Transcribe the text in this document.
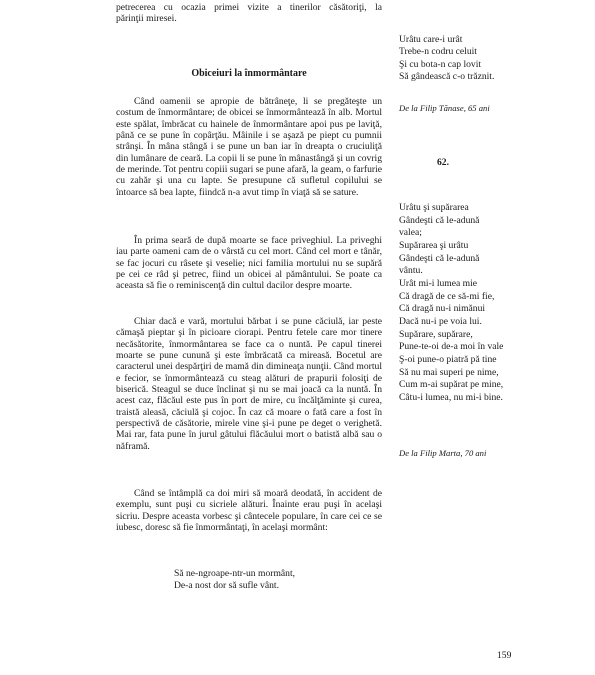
petrecerea cu ocazia primei vizite a tinerilor căsătoriţi, la

părinţii miresei.

Obiceiuri la înmormântare

Când oamenii se apropie de bătrâneţe, li se pregăteşte un costum de înmormântare; de obicei se înmormântează în alb. Mortul este spălat, îmbrăcat cu hainele de înmormântare apoi pus pe laviţă, până ce se pune în copârţău. Mâinile i se aşază pe piept cu pumnii strânşi. În mâna stângă i se pune un ban iar în dreapta o cruciuliţă din lumânare de ceară. La copii li se pune în mânastângă şi un covrig de merinde. Tot pentru copiii sugari se pune afară, la geam, o farfurie cu zahăr şi una cu lapte. Se presupune că sufletul copilului se întoarce să bea lapte, fiindcă n-a avut timp în viaţă să se sature.

În prima seară de după moarte se face priveghiul. La priveghi iau parte oameni cam de o vârstă cu cel mort. Când cel mort e tânăr, se fac jocuri cu râsete şi veselie; nici familia mortului nu se supără pe cei ce râd şi petrec, fiind un obicei al pământului. Se poate ca aceasta să fie o reminiscenţă din cultul dacilor despre moarte.

Chiar dacă e vară, mortului bărbat i se pune căciulă, iar peste cămaşă pieptar şi în picioare ciorapi. Pentru fetele care mor tinere necăsătorite, înmormântarea se face ca o nuntă. Pe capul tinerei moarte se pune cunună şi este îmbrăcată ca mireasă. Bocetul are caracterul unei despărţiri de mamă din dimineaţa nunţii. Când mortul e fecior, se înmormântează cu steag alături de prapurii folosiţi de biserică. Steagul se duce înclinat şi nu se mai joacă ca la nuntă. În acest caz, flăcăul este pus în port de mire, cu încălţăminte şi curea, traistă aleasă, căciulă şi cojoc. În caz că moare o fată care a fost în perspectivă de căsătorie, mirele vine şi-i pune pe deget o verighetă. Mai rar, fata pune în jurul gâtului flăcăului mort o batistă albă sau o năframă.

Când se întâmplă ca doi miri să moară deodată, în accident de exemplu, sunt puşi cu sicriele alături. Înainte erau puşi în acelaşi sicriu. Despre aceasta vorbesc şi cântecele populare, în care cei ce se iubesc, doresc să fie înmormântaţi, în acelaşi mormânt:

Să ne-ngroape-ntr-un mormânt,
De-a nost dor să sufle vânt.
Urâtu care-i urât
Trebe-n codru celuit
Şi cu bota-n cap lovit
Să gândească c-o trăznit.
De la Filip Tănase, 65 ani
62.
Urâtu şi supărarea
Gândeşti că le-adună
valea;
Supărarea şi urâtu
Gândeşti că le-adună
vântu.
Urât mi-i lumea mie
Că dragă de ce să-mi fie,
Că dragă nu-i nimănui
Dacă nu-i pe voia lui.
Supărare, supărare,
Pune-te-oi de-a moi în vale
Ş-oi pune-o piatră pă tine
Să nu mai superi pe nime,
Cum m-ai supărat pe mine,
Câtu-i lumea, nu mi-i bine.
De la Filip Marta, 70 ani
159
